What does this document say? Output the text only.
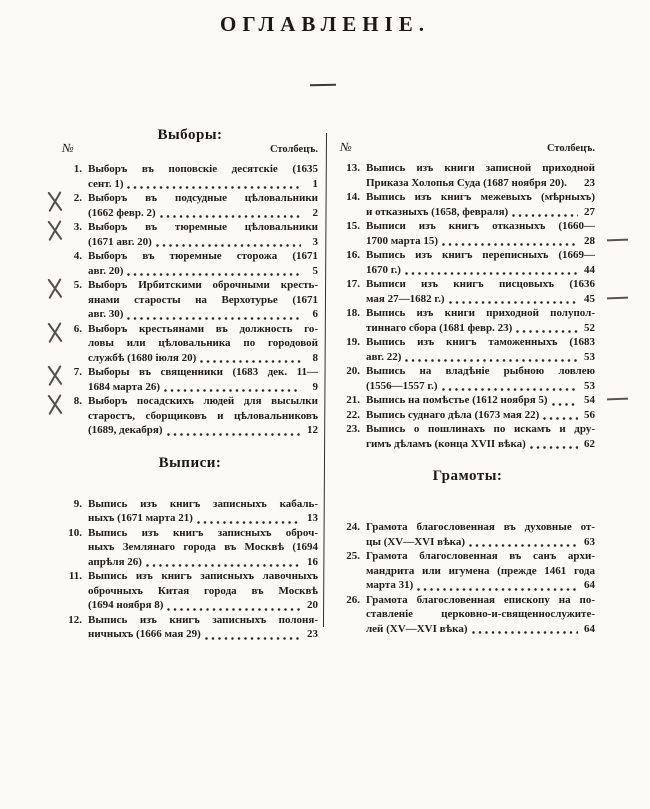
ОГЛАВЛЕНІЕ.
Выборы:
№	Столбецъ.
1. Выборъ въ поповскіе десятскіе (1635
сент. 1)	1
2. Выборъ въ подсудные цѣловальники
(1662 февр. 2)	2
3. Выборъ въ тюремные цѣловальники
(1671 авг. 20)	3
4. Выборъ въ тюремные сторожа (1671
авг. 20)	5
5. Выборъ Ирбитскими оброчными кресть-
янами старосты на Верхотурье (1671
авг. 30)	6
6. Выборъ крестьянами въ должность го-
ловы или цѣловальника по городовой
службѣ (1680 іюля 20)	8
7. Выборы въ священники (1683 дек. 11—
1684 марта 26)	9
8. Выборъ посадскихъ людей для высылки
старостъ, сборщиковъ и цѣловальниковъ
(1689, декабря)	12
Выписи:
9. Выпись изъ книгъ записныхъ кабаль-
ныхъ (1671 марта 21)	13
10. Выпись изъ книгъ записныхъ оброч-
ныхъ Землянаго города въ Москвѣ (1694
апрѣля 26)	16
11. Выпись изъ книгъ записныхъ лавочныхъ
оброчныхъ Китая города въ Москвѣ
(1694 ноября 8)	20
12. Выпись изъ книгъ записныхъ полоня-
ничныхъ (1666 мая 29)	23
№	Столбецъ.
13. Выпись изъ книги записной приходной
Приказа Холопья Суда (1687 ноября 20). 23
14. Выпись изъ книгъ межевыхъ (мѣрныхъ)
и отказныхъ (1658, февраля)	27
15. Выписи изъ книгъ отказныхъ (1660—
1700 марта 15)	28
16. Выпись изъ книгъ переписныхъ (1669—
1670 г.)	44
17. Выписи изъ книгъ писцовыхъ (1636
мая 27—1682 г.)	45
18. Выпись изъ книги приходной полупол-
тиннаго сбора (1681 февр. 23)	52
19. Выпись изъ книгъ таможенныхъ (1683
авг. 22)	53
20. Выпись на владѣніе рыбною ловлею
(1556—1557 г.)	53
21. Выпись на помѣстье (1612 ноября 5)	54
22. Выпись суднаго дѣла (1673 мая 22)	56
23. Выпись о пошлинахъ по искамъ и дру-
гимъ дѣламъ (конца XVII вѣка)	62
Грамоты:
24. Грамота благословенная въ духовные от-
цы (XV—XVI вѣка)	63
25. Грамота благословенная въ санъ архи-
мандрита или игумена (прежде 1461 года
марта 31)	64
26. Грамота благословенная епископу на по-
ставленіе церковно-и-священнослужите-
лей (XV—XVI вѣка)	64
